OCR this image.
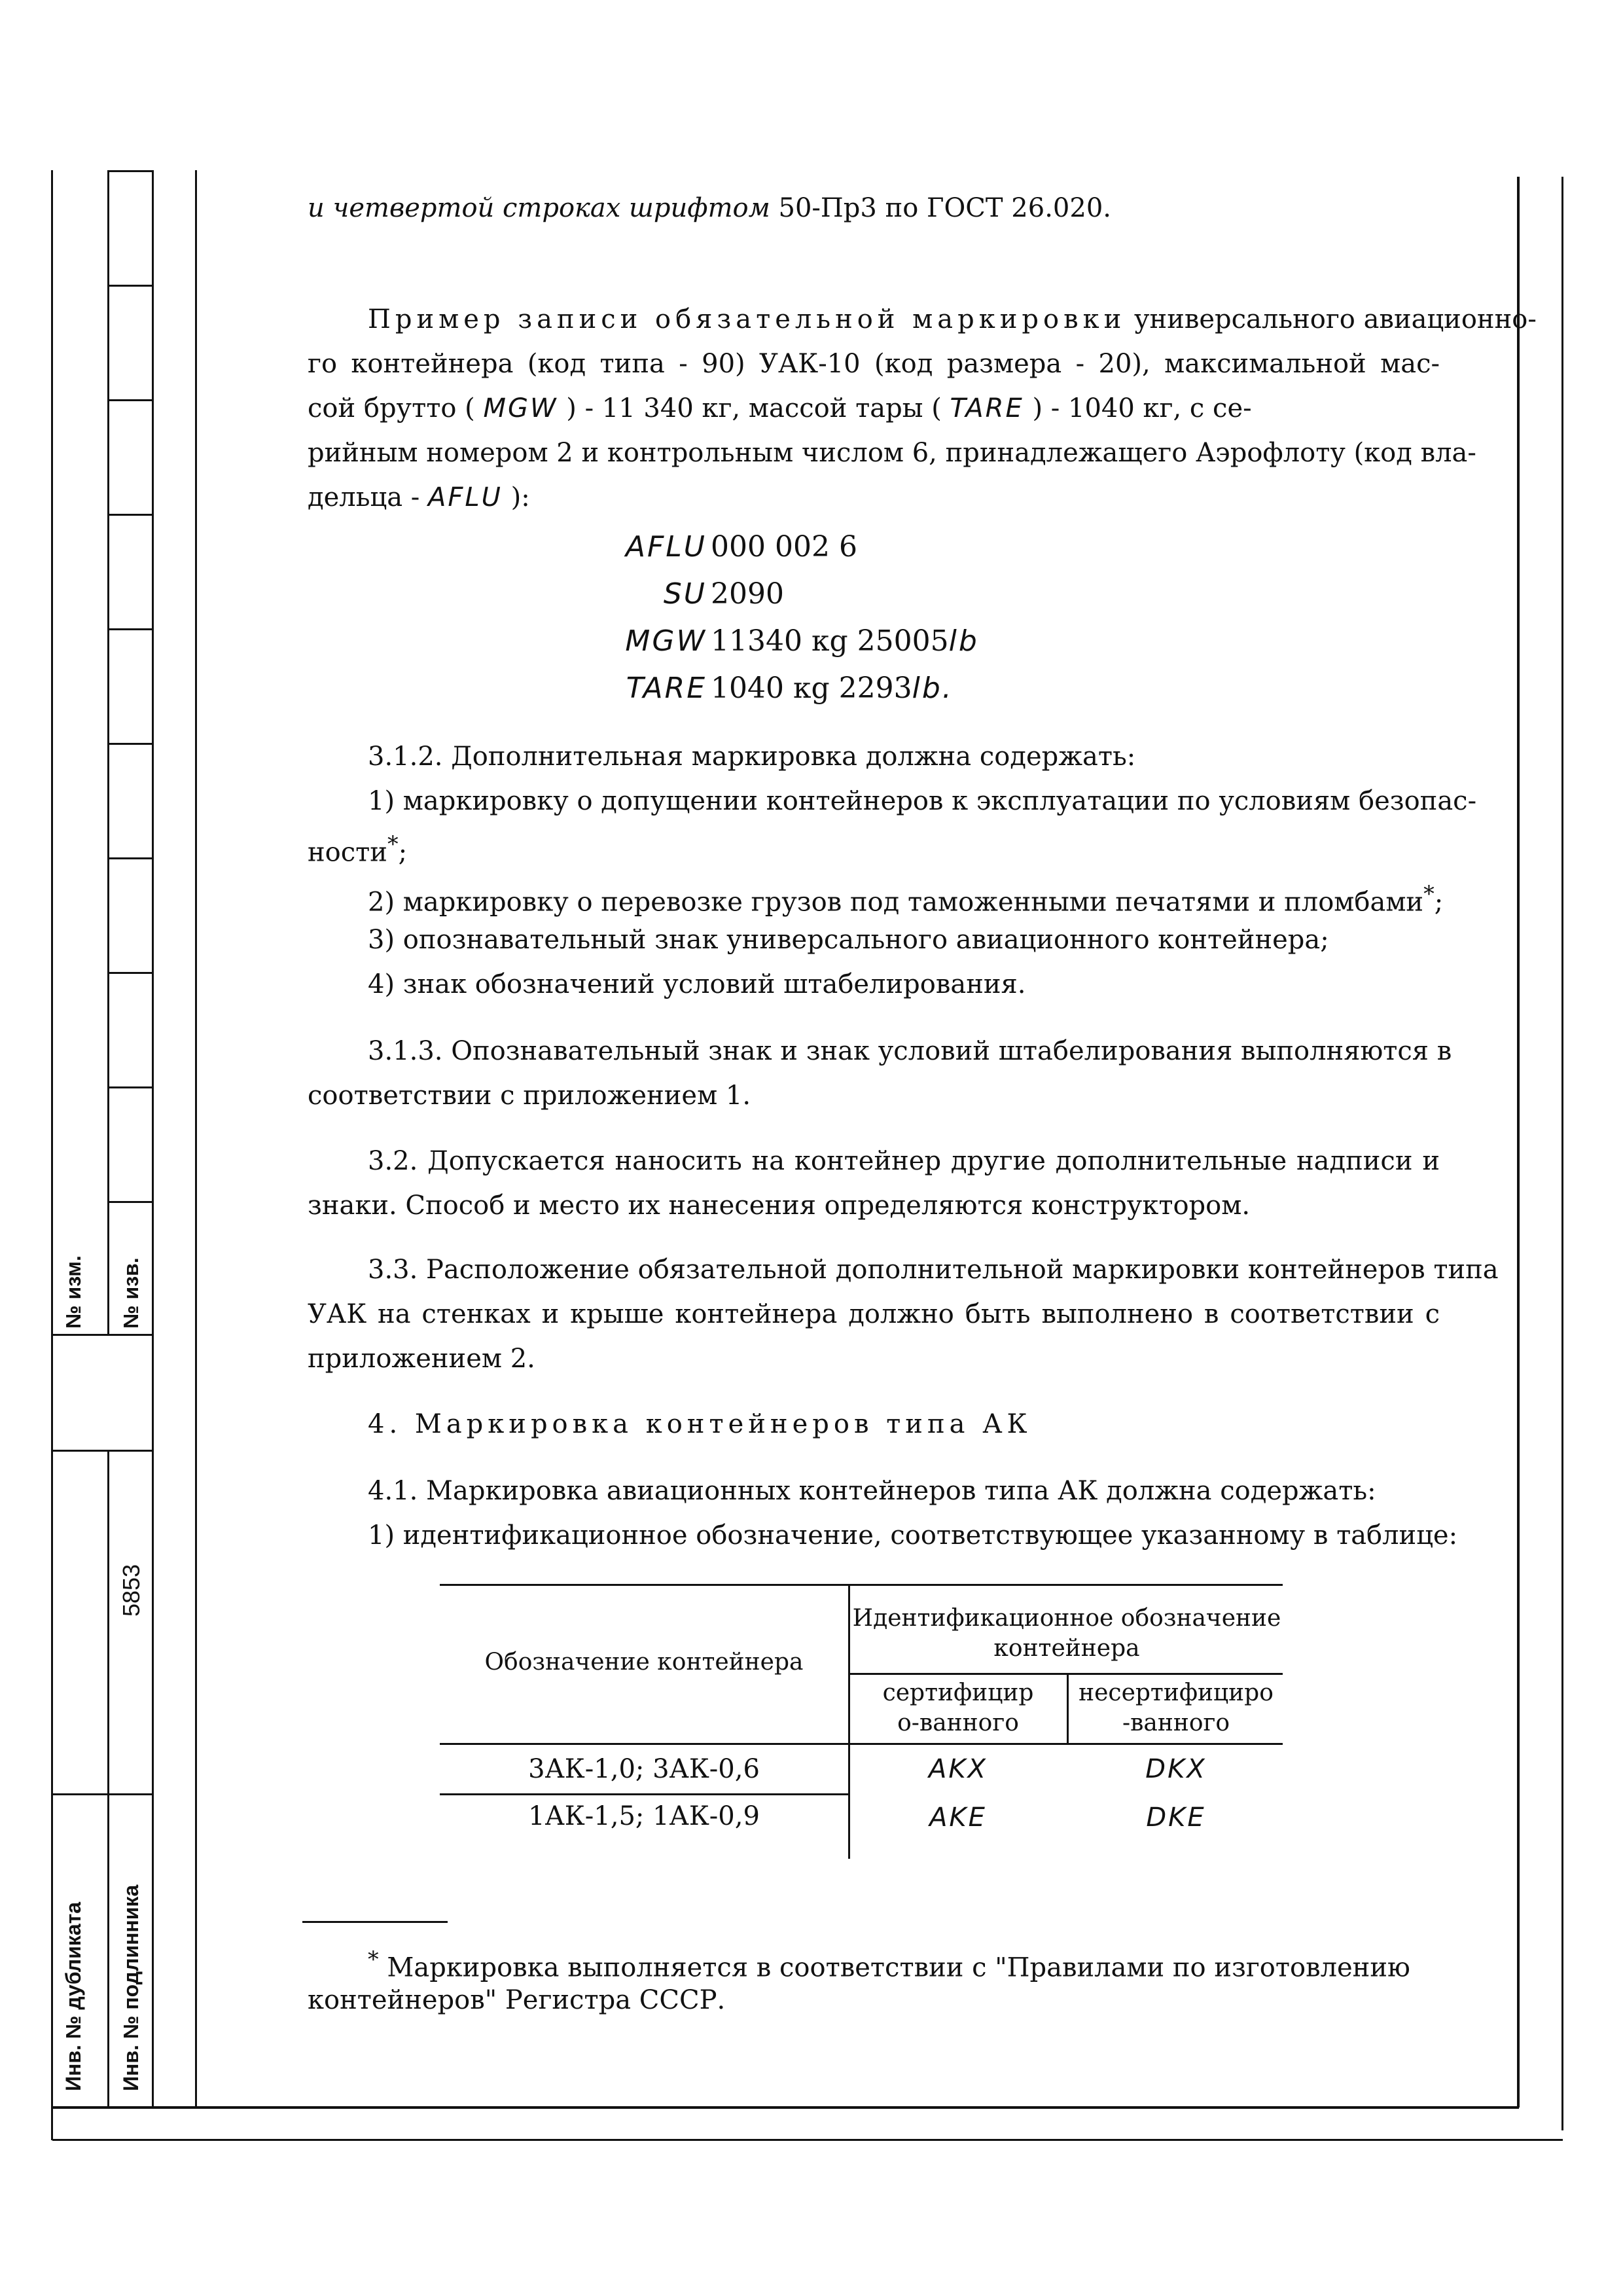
№ изм. № изв.
5853
Инв. № дубликата Инв. № подлинника
и четвертой строках шрифтом 50-Пр3 по ГОСТ 26.020.
Пример записи обязательной маркировки универсального авиационно-
го контейнера (код типа - 90) УАК-10 (код размера - 20), максимальной мас-
сой брутто ( MGW ) - 11 340 кг, массой тары ( TARE ) - 1040 кг, с се-
рийным номером 2 и контрольным числом 6, принадлежащего Аэрофлоту (код вла-
дельца - AFLU ):
AFLU 000 002 6
SU 2090
MGW 11340 кg 25005lb
TARE 1040 кg 2293lb.
3.1.2. Дополнительная маркировка должна содержать:
1) маркировку о допущении контейнеров к эксплуатации по условиям безопас-
ности*;
2) маркировку о перевозке грузов под таможенными печатями и пломбами*;
3) опознавательный знак универсального авиационного контейнера;
4) знак обозначений условий штабелирования.
3.1.3. Опознавательный знак и знак условий штабелирования выполняются в
соответствии с приложением 1.
3.2. Допускается наносить на контейнер другие дополнительные надписи и
знаки. Способ и место их нанесения определяются конструктором.
3.3. Расположение обязательной дополнительной маркировки контейнеров типа
УАК на стенках и крыше контейнера должно быть выполнено в соответствии с
приложением 2.
4. Маркировка контейнеров типа АК
4.1. Маркировка авиационных контейнеров типа АК должна содержать:
1) идентификационное обозначение, соответствующее указанному в таблице:
Обозначение контейнера
Идентификационное обозначение контейнера
сертифициро-ванного
несертифициро-ванного
3АК-1,0; 3АК-0,6	AKX	DKX
1АК-1,5; 1АК-0,9	AKE	DKE
* Маркировка выполняется в соответствии с "Правилами по изготовлению
контейнеров" Регистра СССР.
